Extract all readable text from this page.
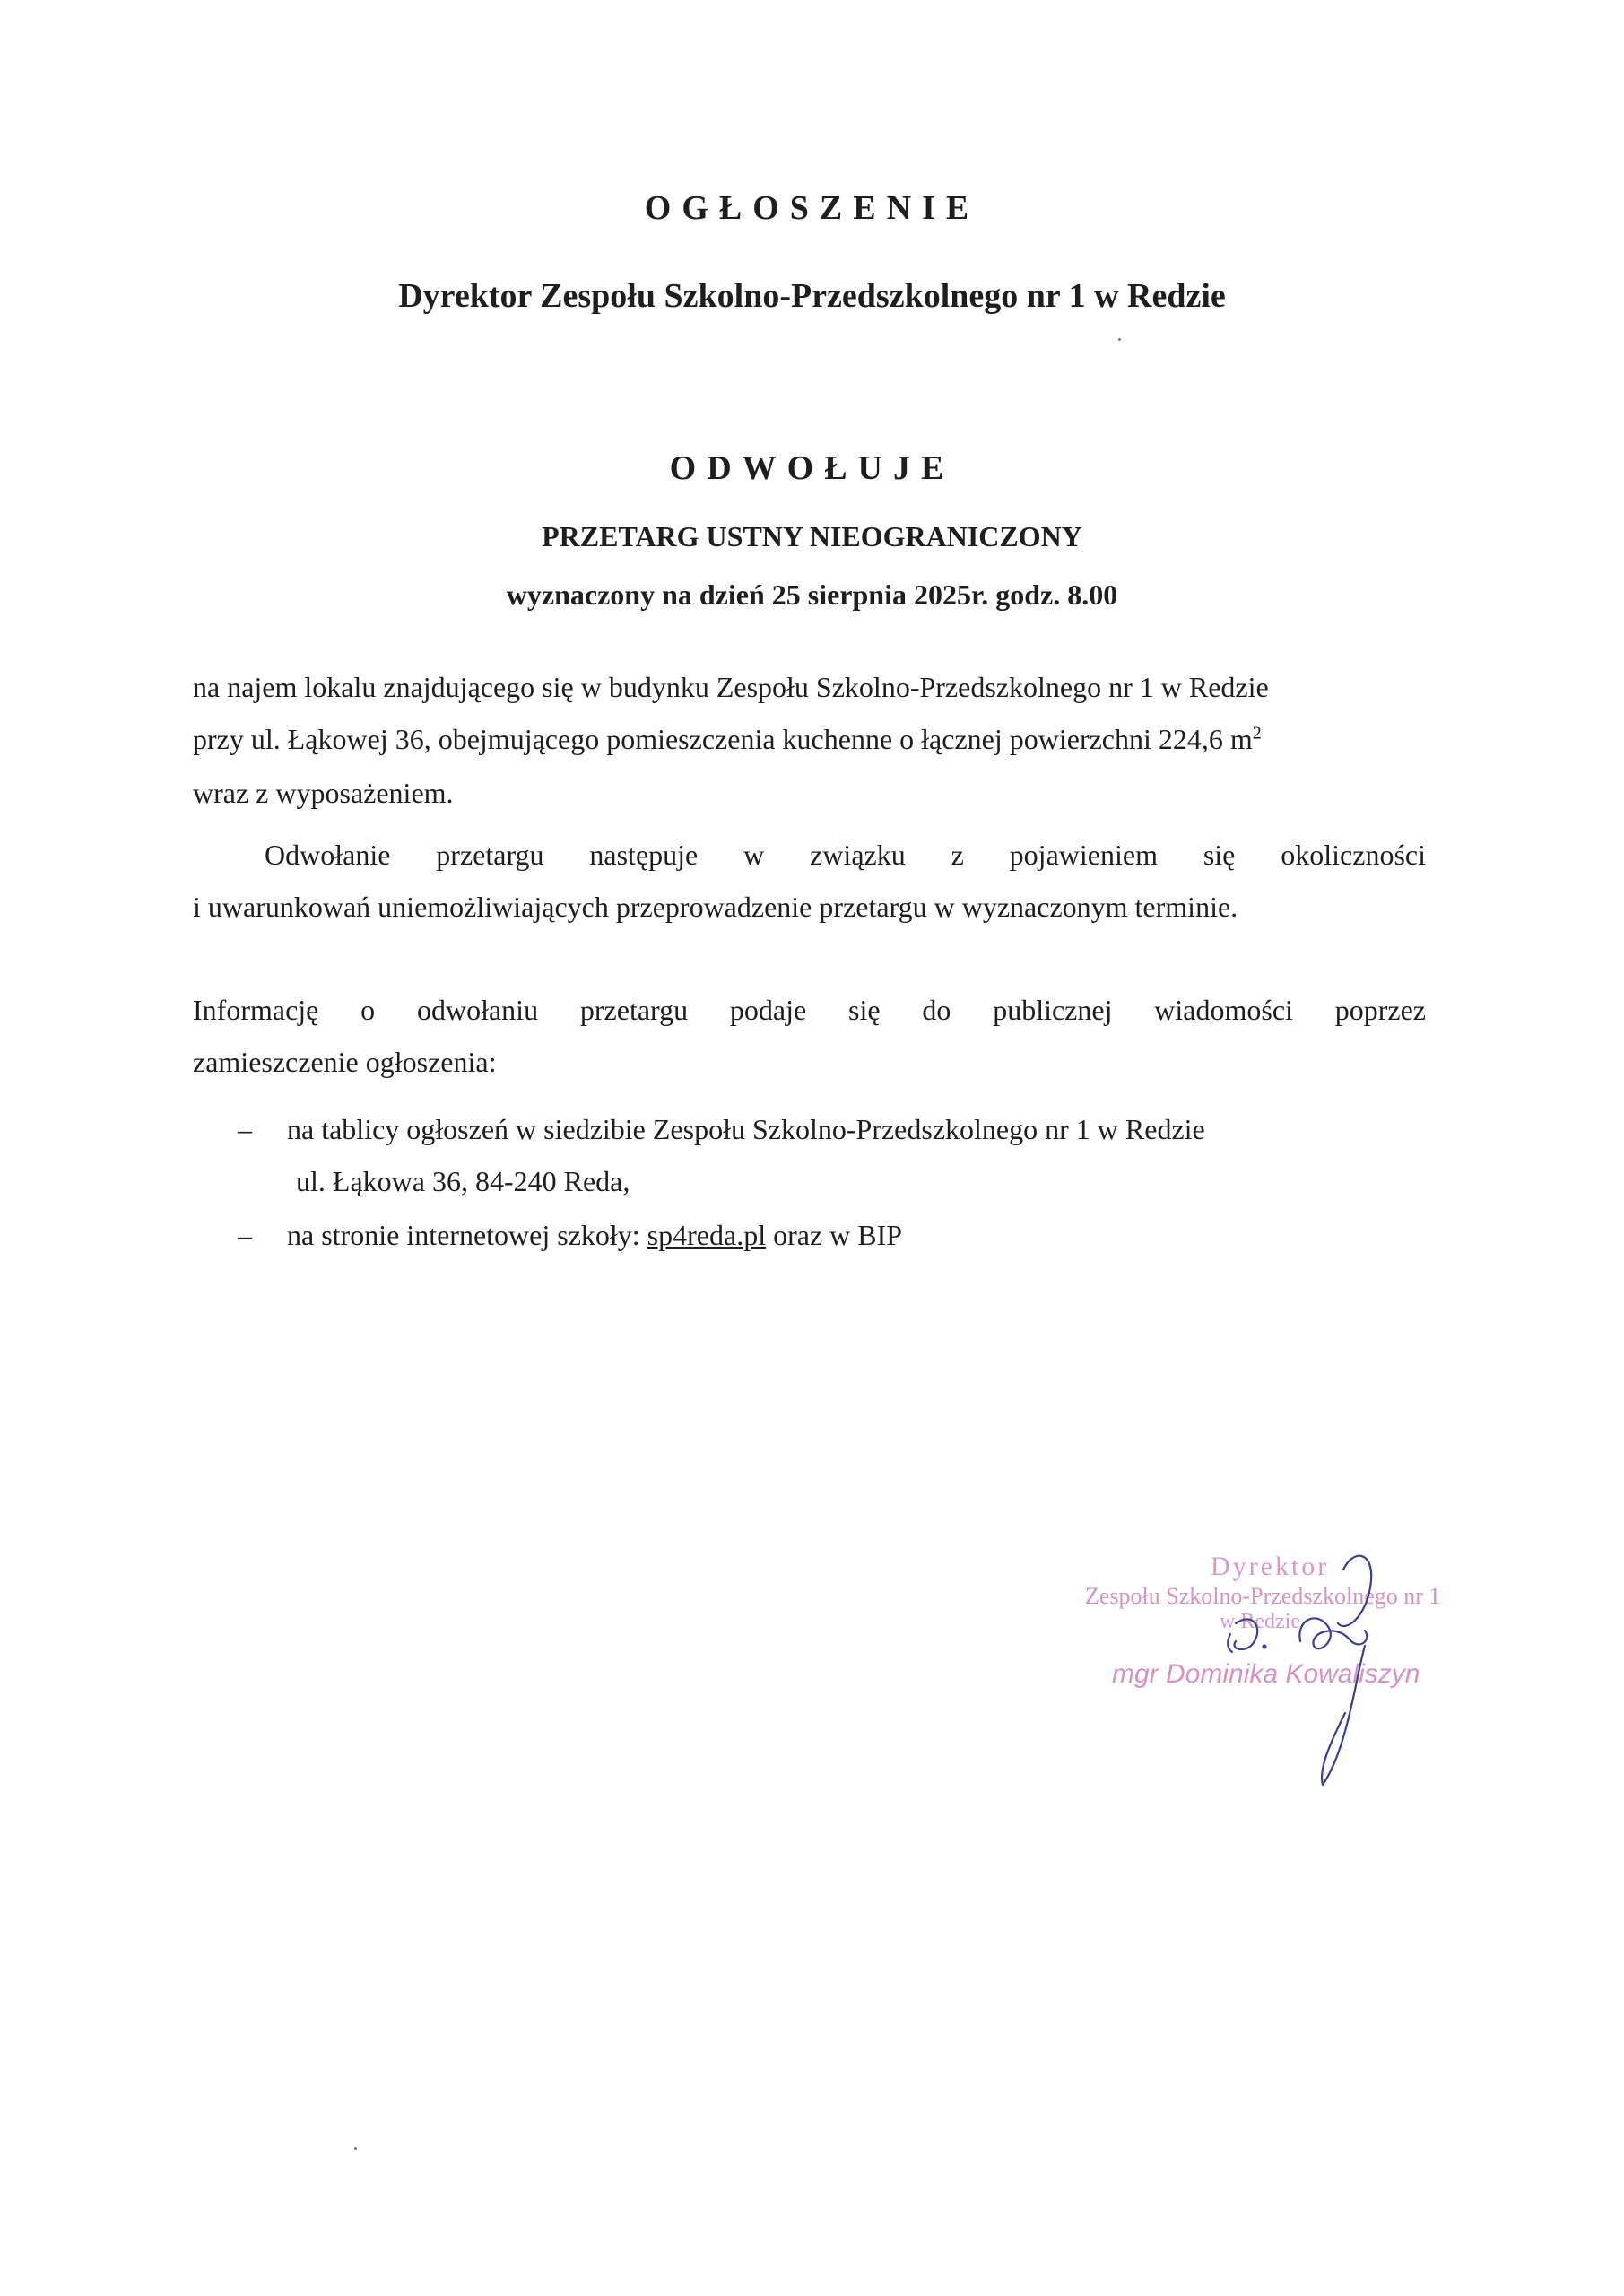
OGŁOSZENIE
Dyrektor Zespołu Szkolno-Przedszkolnego nr 1 w Redzie
ODWOŁUJE
PRZETARG USTNY NIEOGRANICZONY
wyznaczony na dzień 25 sierpnia 2025r. godz. 8.00
na najem lokalu znajdującego się w budynku Zespołu Szkolno-Przedszkolnego nr 1 w Redzie
przy ul. Łąkowej 36, obejmującego pomieszczenia kuchenne o łącznej powierzchni 224,6 $m^2$
wraz z wyposażeniem.
Odwołanie przetargu następuje w związku z pojawieniem się okoliczności
i uwarunkowań uniemożliwiających przeprowadzenie przetargu w wyznaczonym terminie.
Informację o odwołaniu przetargu podaje się do publicznej wiadomości poprzez
zamieszczenie ogłoszenia:
– na tablicy ogłoszeń w siedzibie Zespołu Szkolno-Przedszkolnego nr 1 w Redzie
ul. Łąkowa 36, 84-240 Reda,
– na stronie internetowej szkoły: sp4reda.pl oraz w BIP
Dyrektor
Zespołu Szkolno-Przedszkolnego nr 1
w Redzie
mgr Dominika Kowaliszyn
